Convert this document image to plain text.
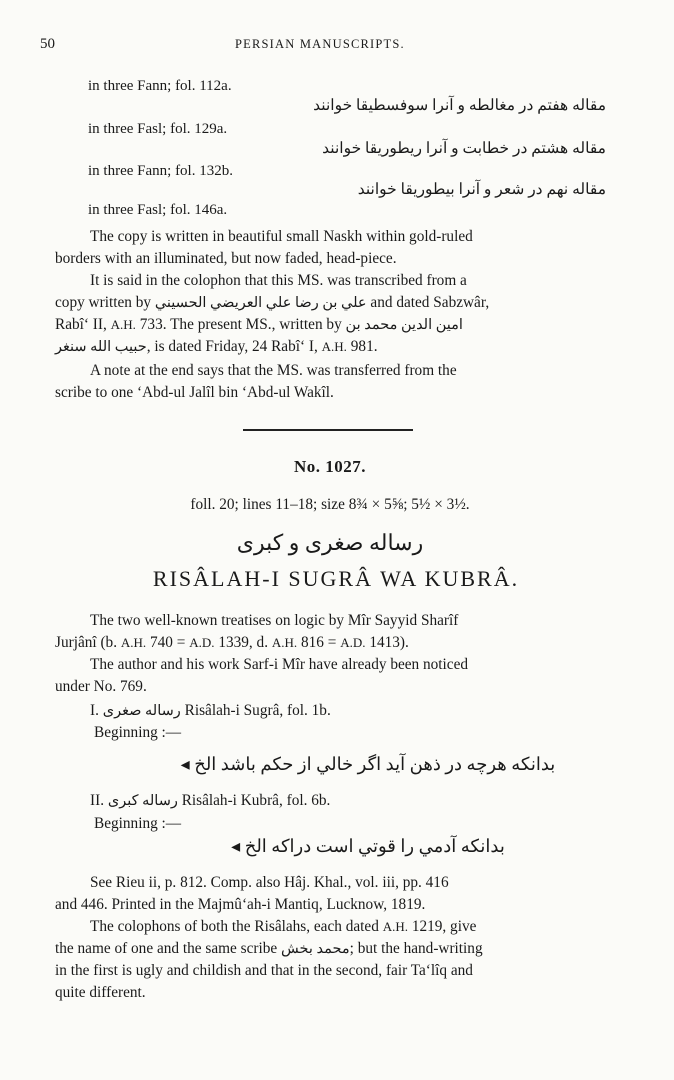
50	PERSIAN MANUSCRIPTS.
in three Fann; fol. 112a.
مقاله هفتم در مغالطه و آنرا سوفسطيقا خوانند
in three Fasl; fol. 129a.
مقاله هشتم در خطابت و آنرا ريطوريقا خوانند
in three Fann; fol. 132b.
مقاله نهم در شعر و آنرا بيطوريقا خوانند
in three Fasl; fol. 146a.
The copy is written in beautiful small Naskh within gold-ruled
borders with an illuminated, but now faded, head-piece.
It is said in the colophon that this MS. was transcribed from a
copy written by علي بن رضا علي العريضي الحسيني and dated Sabzwâr,
Rabî‘ II, A.H. 733. The present MS., written by امين الدين محمد بن
حبيب الله سنغر, is dated Friday, 24 Rabî‘ I, A.H. 981.
A note at the end says that the MS. was transferred from the
scribe to one ‘Abd-ul Jalîl bin ‘Abd-ul Wakîl.
No. 1027.
foll. 20; lines 11–18; size 8¾ × 5⅝; 5½ × 3½.
رساله صغرى و كبرى
RISÂLAH-I SUGRÂ WA KUBRÂ.
The two well-known treatises on logic by Mîr Sayyid Sharîf
Jurjânî (b. A.H. 740 = A.D. 1339, d. A.H. 816 = A.D. 1413).
The author and his work Sarf-i Mîr have already been noticed
under No. 769.
I. رساله صغرى Risâlah-i Sugrâ, fol. 1b.
Beginning :—
بدانكه هرچه در ذهن آيد اگر خالي از حكم باشد الخ ◂
II. رساله كبرى Risâlah-i Kubrâ, fol. 6b.
Beginning :—
بدانكه آدمي را قوتي است دراكه الخ ◂
See Rieu ii, p. 812. Comp. also Hâj. Khal., vol. iii, pp. 416
and 446. Printed in the Majmû‘ah-i Mantiq, Lucknow, 1819.
The colophons of both the Risâlahs, each dated A.H. 1219, give
the name of one and the same scribe محمد بخش; but the hand-writing
in the first is ugly and childish and that in the second, fair Ta‘lîq and
quite different.
